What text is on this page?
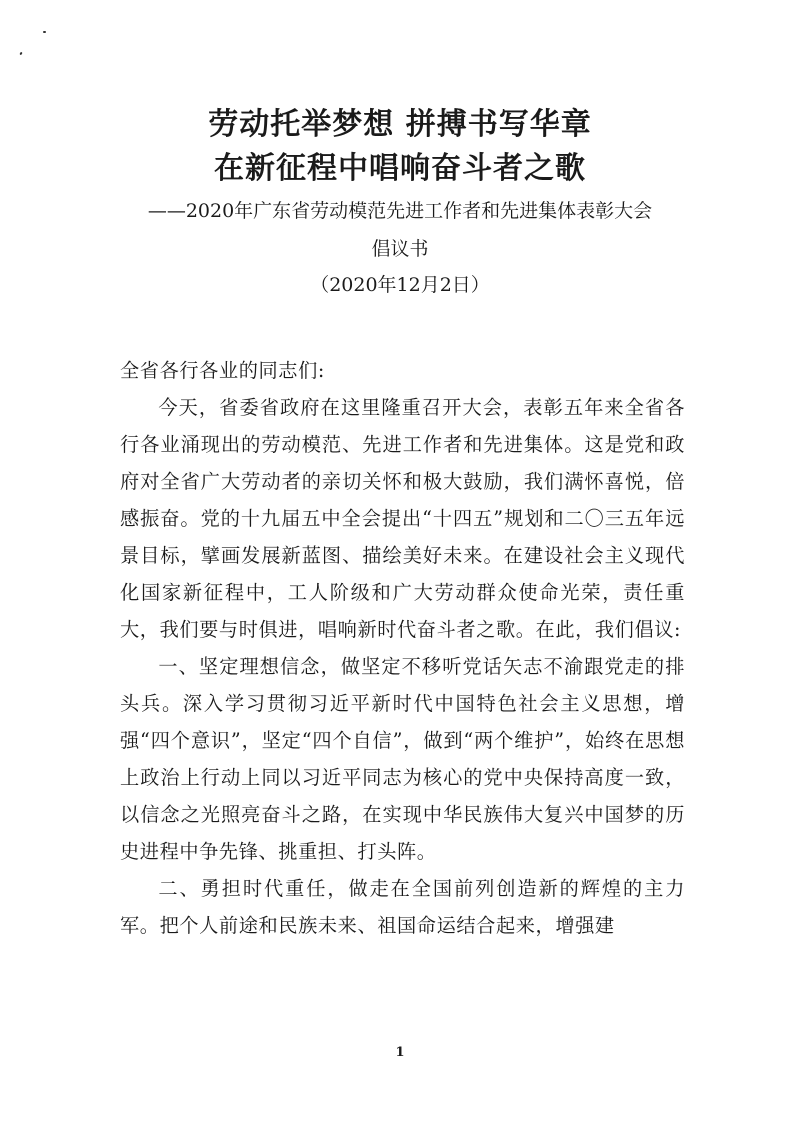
劳动托举梦想 拼搏书写华章
在新征程中唱响奋斗者之歌
——2020年广东省劳动模范先进工作者和先进集体表彰大会
倡议书
（2020年12月2日）

全省各行各业的同志们:

今天，省委省政府在这里隆重召开大会，表彰五年来全省各行各业涌现出的劳动模范、先进工作者和先进集体。这是党和政府对全省广大劳动者的亲切关怀和极大鼓励，我们满怀喜悦，倍感振奋。党的十九届五中全会提出“十四五”规划和二〇三五年远景目标，擘画发展新蓝图、描绘美好未来。在建设社会主义现代化国家新征程中，工人阶级和广大劳动群众使命光荣，责任重大，我们要与时俱进，唱响新时代奋斗者之歌。在此，我们倡议:

一、坚定理想信念，做坚定不移听党话矢志不渝跟党走的排头兵。深入学习贯彻习近平新时代中国特色社会主义思想，增强“四个意识”，坚定“四个自信”，做到“两个维护”，始终在思想上政治上行动上同以习近平同志为核心的党中央保持高度一致，以信念之光照亮奋斗之路，在实现中华民族伟大复兴中国梦的历史进程中争先锋、挑重担、打头阵。

二、勇担时代重任，做走在全国前列创造新的辉煌的主力军。把个人前途和民族未来、祖国命运结合起来，增强建

1
